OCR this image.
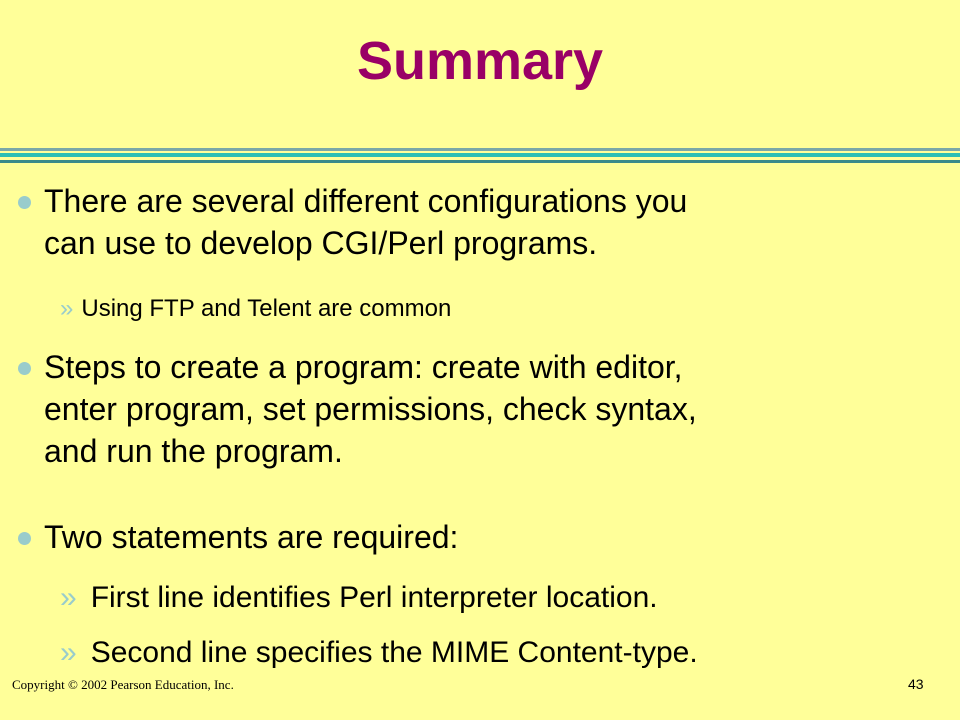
Summary
There are several different configurations you
can use to develop CGI/Perl programs.
» Using FTP and Telent are common
Steps to create a program: create with editor,
enter program, set permissions, check syntax,
and run the program.
Two statements are required:
» First line identifies Perl interpreter location.
» Second line specifies the MIME Content-type.
Copyright © 2002 Pearson Education, Inc.	43
